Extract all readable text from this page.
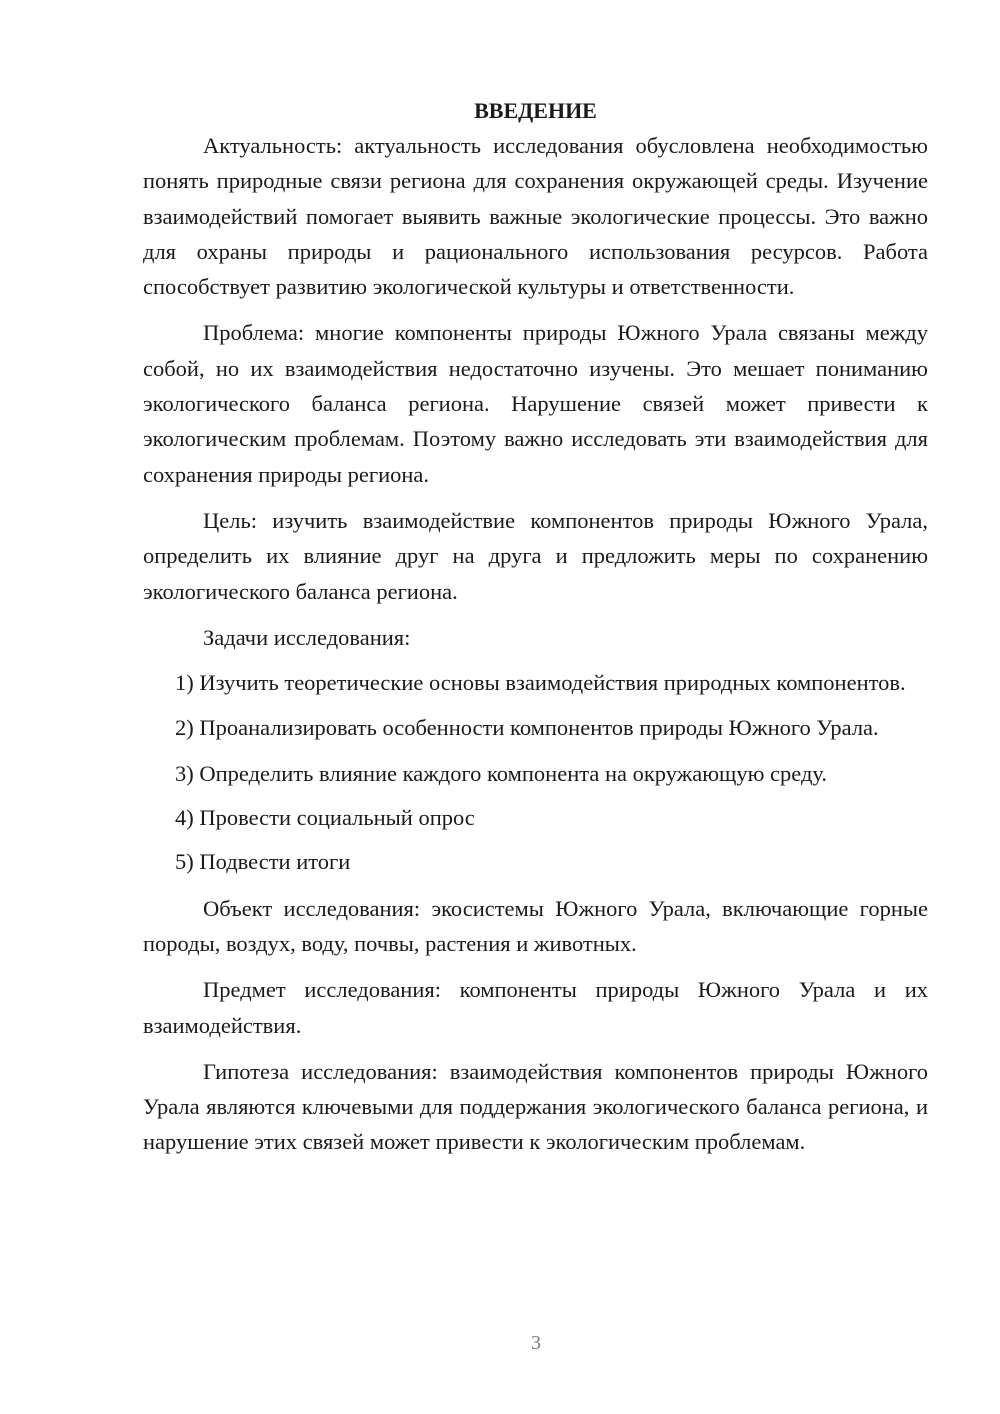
ВВЕДЕНИЕ

Актуальность: актуальность исследования обусловлена необходимостью понять природные связи региона для сохранения окружающей среды. Изучение взаимодействий помогает выявить важные экологические процессы. Это важно для охраны природы и рационального использования ресурсов. Работа способствует развитию экологической культуры и ответственности.

Проблема: многие компоненты природы Южного Урала связаны между собой, но их взаимодействия недостаточно изучены. Это мешает пониманию экологического баланса региона. Нарушение связей может привести к экологическим проблемам. Поэтому важно исследовать эти взаимодействия для сохранения природы региона.

Цель: изучить взаимодействие компонентов природы Южного Урала, определить их влияние друг на друга и предложить меры по сохранению экологического баланса региона.

Задачи исследования:

1) Изучить теоретические основы взаимодействия природных компонентов.

2) Проанализировать особенности компонентов природы Южного Урала.

3) Определить влияние каждого компонента на окружающую среду.

4) Провести социальный опрос

5) Подвести итоги

Объект исследования: экосистемы Южного Урала, включающие горные породы, воздух, воду, почвы, растения и животных.

Предмет исследования: компоненты природы Южного Урала и их взаимодействия.

Гипотеза исследования: взаимодействия компонентов природы Южного Урала являются ключевыми для поддержания экологического баланса региона, и нарушение этих связей может привести к экологическим проблемам.

3
